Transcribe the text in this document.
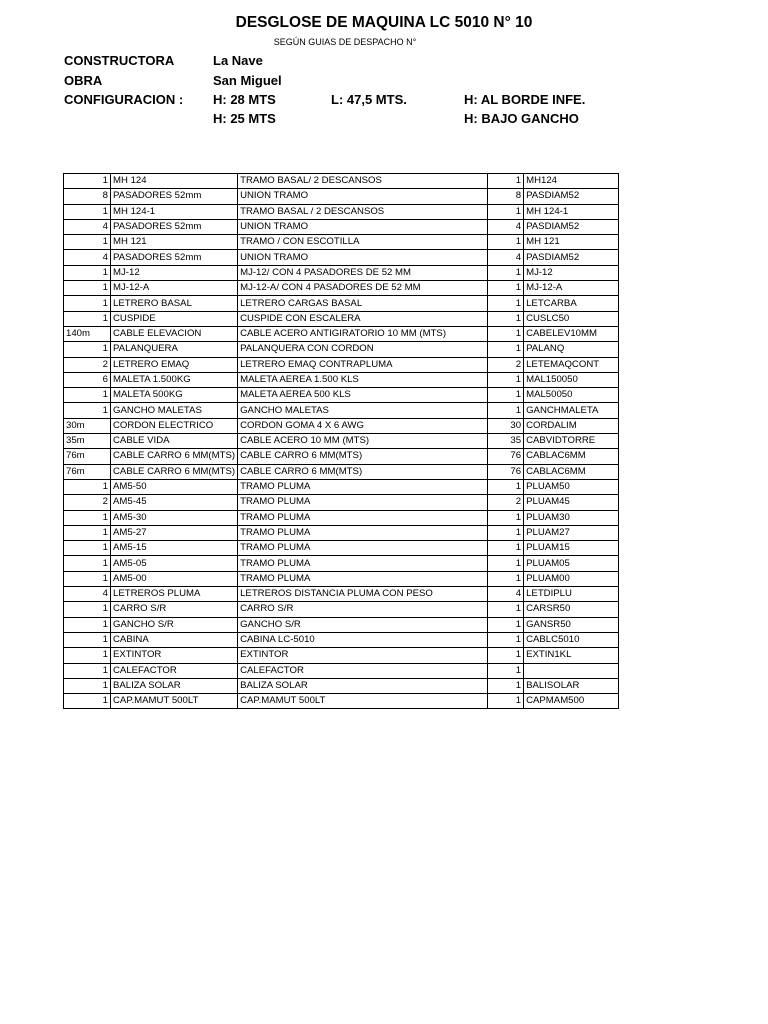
DESGLOSE DE MAQUINA LC 5010 N° 10
SEGÚN GUIAS DE DESPACHO N°
CONSTRUCTORA	La Nave
OBRA	San Miguel
CONFIGURACION : H: 28 MTS	L: 47,5 MTS.	H: AL BORDE INFE.
H: 25 MTS	H: BAJO GANCHO
1	MH 124	TRAMO BASAL/ 2 DESCANSOS	1	MH124
8	PASADORES 52mm	UNION TRAMO	8	PASDIAM52
1	MH 124-1	TRAMO BASAL / 2 DESCANSOS	1	MH 124-1
4	PASADORES 52mm	UNION TRAMO	4	PASDIAM52
1	MH 121	TRAMO / CON ESCOTILLA	1	MH 121
4	PASADORES 52mm	UNION TRAMO	4	PASDIAM52
1	MJ-12	MJ-12/ CON 4 PASADORES DE 52 MM	1	MJ-12
1	MJ-12-A	MJ-12-A/ CON 4 PASADORES DE 52 MM	1	MJ-12-A
1	LETRERO BASAL	LETRERO CARGAS BASAL	1	LETCARBA
1	CUSPIDE	CUSPIDE CON ESCALERA	1	CUSLC50
140m	CABLE ELEVACION	CABLE ACERO ANTIGIRATORIO 10 MM (MTS)	1	CABELEV10MM
1	PALANQUERA	PALANQUERA CON CORDON	1	PALANQ
2	LETRERO EMAQ	LETRERO EMAQ CONTRAPLUMA	2	LETEMAQCONT
6	MALETA 1.500KG	MALETA AEREA 1.500 KLS	1	MAL150050
1	MALETA 500KG	MALETA AEREA 500 KLS	1	MAL50050
1	GANCHO MALETAS	GANCHO MALETAS	1	GANCHMALETA
30m	CORDON ELECTRICO	CORDON GOMA 4 X 6 AWG	30	CORDALIM
35m	CABLE VIDA	CABLE ACERO 10 MM (MTS)	35	CABVIDTORRE
76m	CABLE CARRO 6 MM(MTS)	CABLE CARRO 6 MM(MTS)	76	CABLAC6MM
76m	CABLE CARRO 6 MM(MTS)	CABLE CARRO 6 MM(MTS)	76	CABLAC6MM
1	AM5-50	TRAMO PLUMA	1	PLUAM50
2	AM5-45	TRAMO PLUMA	2	PLUAM45
1	AM5-30	TRAMO PLUMA	1	PLUAM30
1	AM5-27	TRAMO PLUMA	1	PLUAM27
1	AM5-15	TRAMO PLUMA	1	PLUAM15
1	AM5-05	TRAMO PLUMA	1	PLUAM05
1	AM5-00	TRAMO PLUMA	1	PLUAM00
4	LETREROS PLUMA	LETREROS DISTANCIA PLUMA CON PESO	4	LETDIPLU
1	CARRO S/R	CARRO S/R	1	CARSR50
1	GANCHO S/R	GANCHO S/R	1	GANSR50
1	CABINA	CABINA LC-5010	1	CABLC5010
1	EXTINTOR	EXTINTOR	1	EXTIN1KL
1	CALEFACTOR	CALEFACTOR	1	
1	BALIZA SOLAR	BALIZA SOLAR	1	BALISOLAR
1	CAP.MAMUT 500LT	CAP.MAMUT 500LT	1	CAPMAM500
